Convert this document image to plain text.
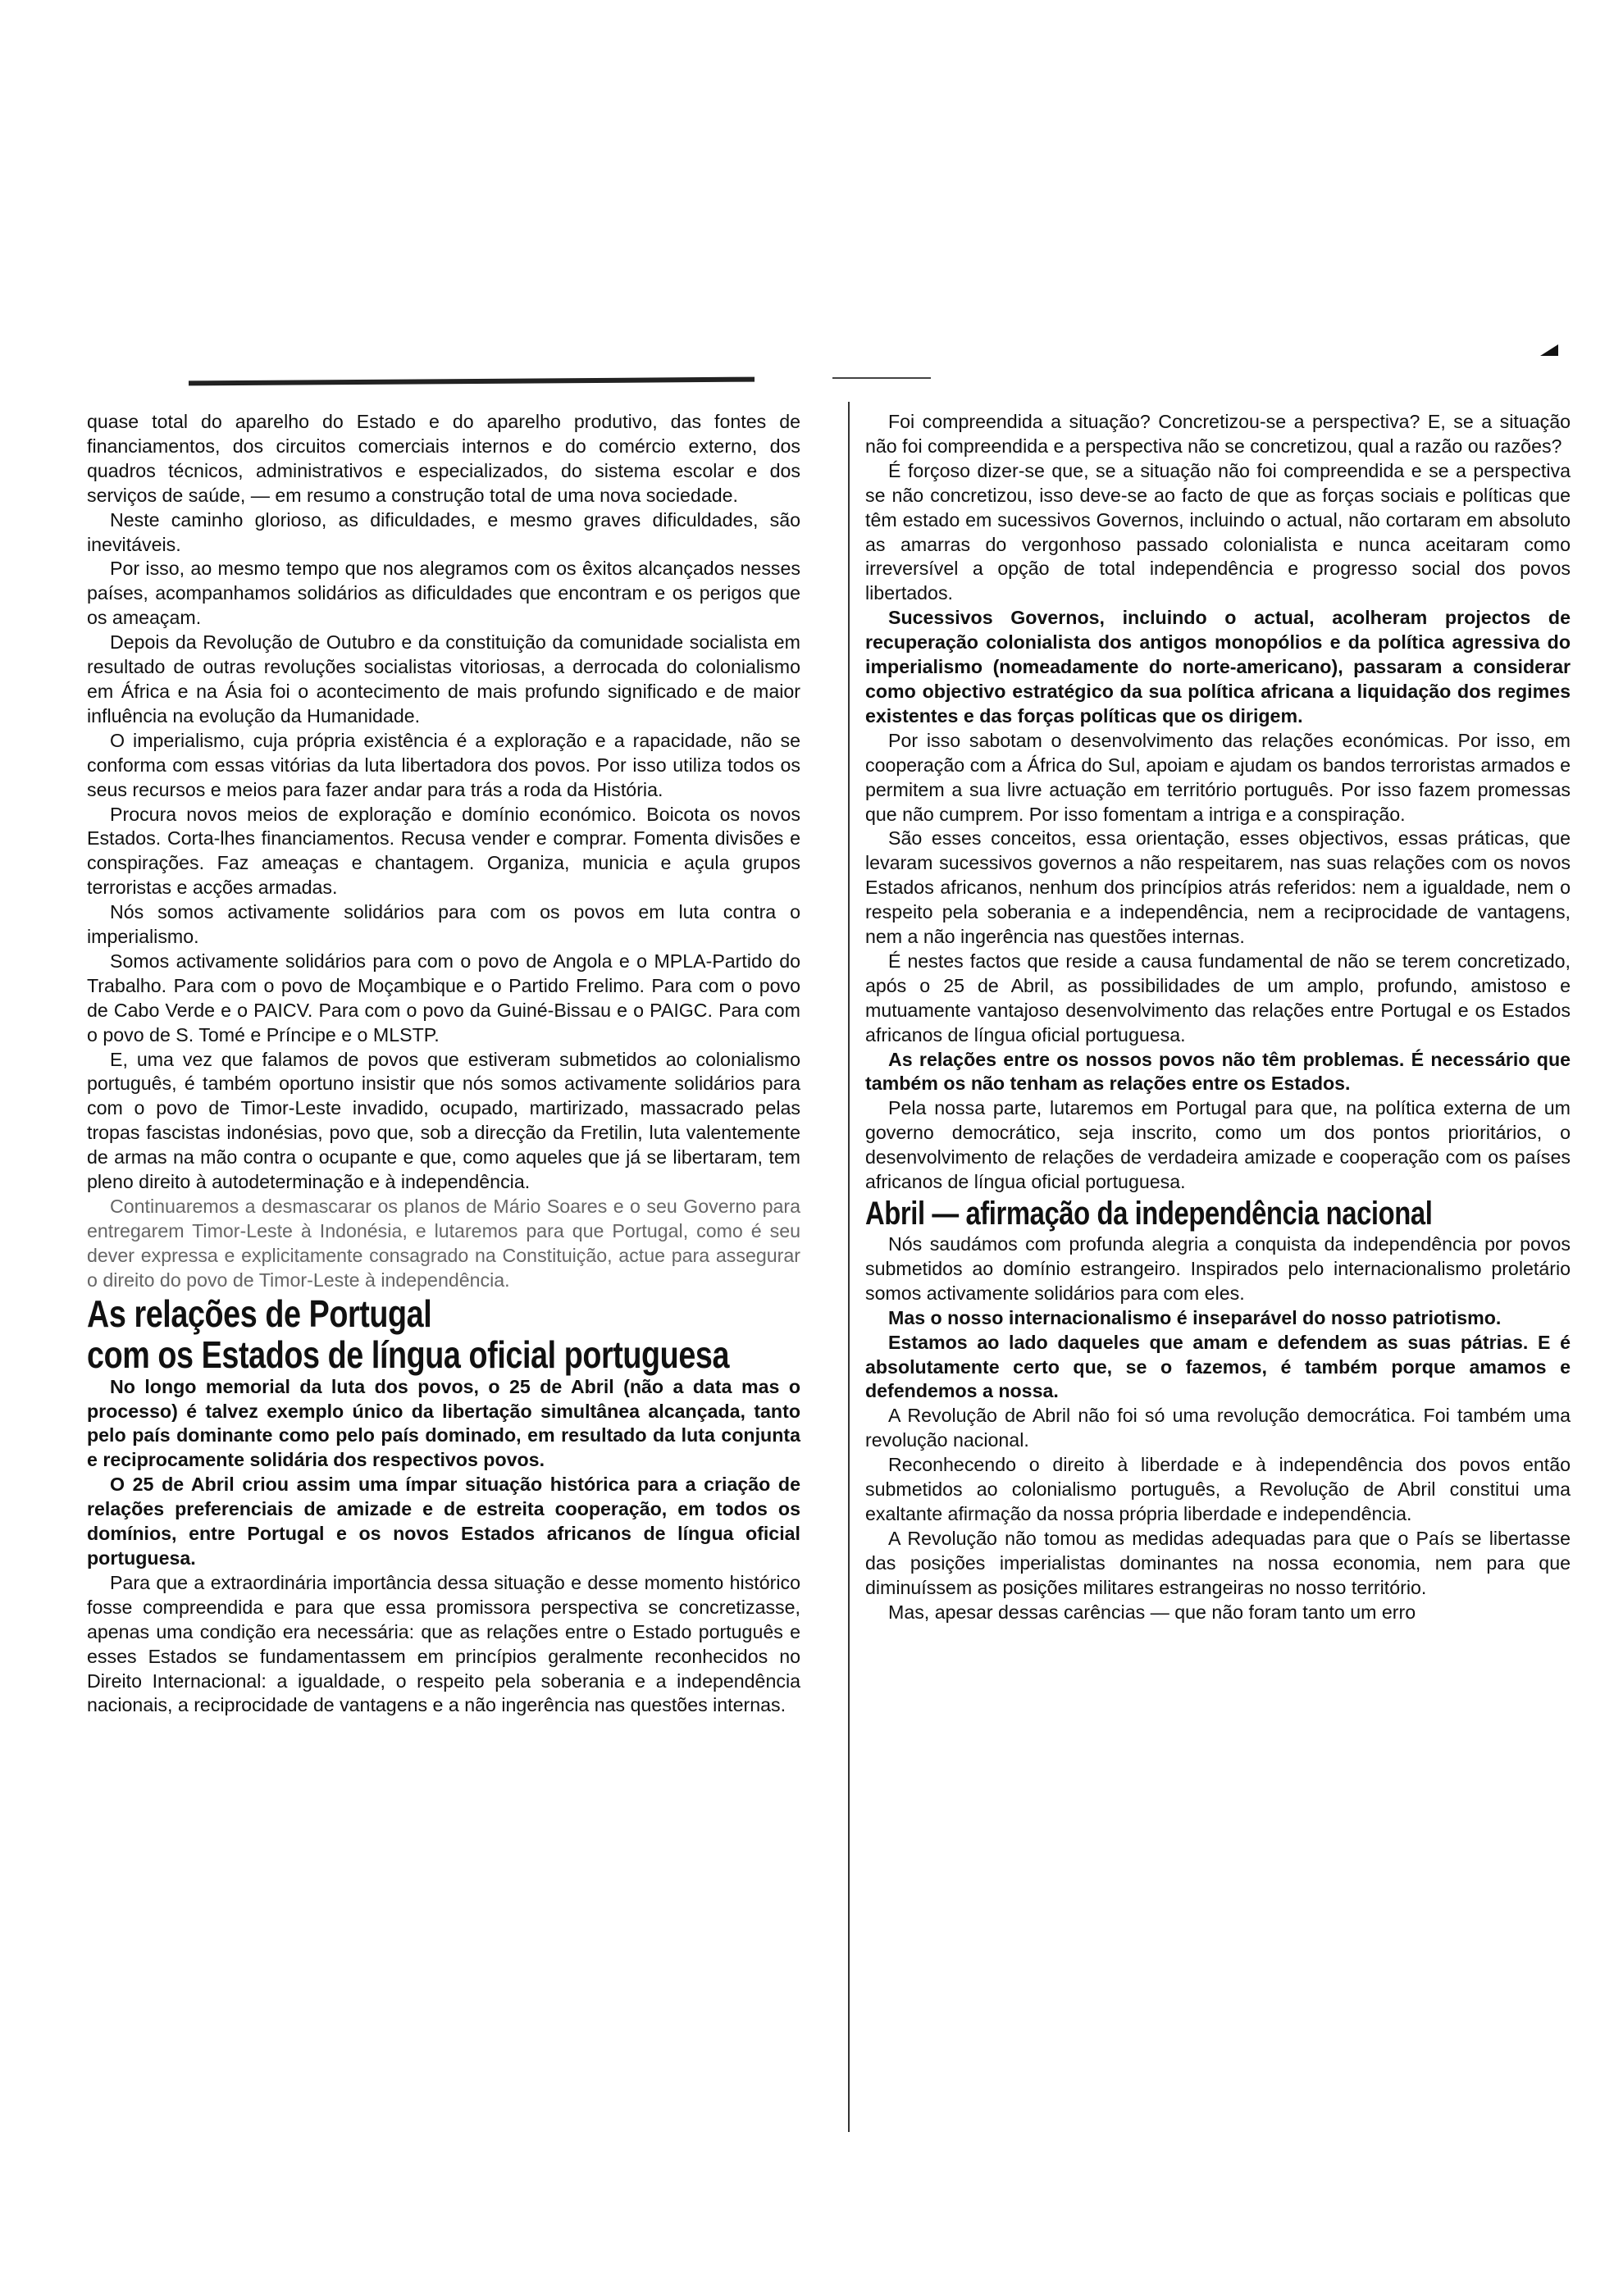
quase total do aparelho do Estado e do aparelho produtivo, das fontes de financiamentos, dos circuitos comerciais internos e do comércio externo, dos quadros técnicos, administrativos e especializados, do sistema escolar e dos serviços de saúde, — em resumo a construção total de uma nova sociedade.

Neste caminho glorioso, as dificuldades, e mesmo graves dificuldades, são inevitáveis.

Por isso, ao mesmo tempo que nos alegramos com os êxitos alcançados nesses países, acompanhamos solidários as dificuldades que encontram e os perigos que os ameaçam.

Depois da Revolução de Outubro e da constituição da comunidade socialista em resultado de outras revoluções socialistas vitoriosas, a derrocada do colonialismo em África e na Ásia foi o acontecimento de mais profundo significado e de maior influência na evolução da Humanidade.

O imperialismo, cuja própria existência é a exploração e a rapacidade, não se conforma com essas vitórias da luta libertadora dos povos. Por isso utiliza todos os seus recursos e meios para fazer andar para trás a roda da História.

Procura novos meios de exploração e domínio económico. Boicota os novos Estados. Corta-lhes financiamentos. Recusa vender e comprar. Fomenta divisões e conspirações. Faz ameaças e chantagem. Organiza, municia e açula grupos terroristas e acções armadas.

Nós somos activamente solidários para com os povos em luta contra o imperialismo.

Somos activamente solidários para com o povo de Angola e o MPLA-Partido do Trabalho. Para com o povo de Moçambique e o Partido Frelimo. Para com o povo de Cabo Verde e o PAICV. Para com o povo da Guiné-Bissau e o PAIGC. Para com o povo de S. Tomé e Príncipe e o MLSTP.

E, uma vez que falamos de povos que estiveram submetidos ao colonialismo português, é também oportuno insistir que nós somos activamente solidários para com o povo de Timor-Leste invadido, ocupado, martirizado, massacrado pelas tropas fascistas indonésias, povo que, sob a direcção da Fretilin, luta valentemente de armas na mão contra o ocupante e que, como aqueles que já se libertaram, tem pleno direito à autodeterminação e à independência.

Continuaremos a desmascarar os planos de Mário Soares e o seu Governo para entregarem Timor-Leste à Indonésia, e lutaremos para que Portugal, como é seu dever expressa e explicitamente consagrado na Constituição, actue para assegurar o direito do povo de Timor-Leste à independência.

As relações de Portugal
com os Estados de língua oficial portuguesa

No longo memorial da luta dos povos, o 25 de Abril (não a data mas o processo) é talvez exemplo único da libertação simultânea alcançada, tanto pelo país dominante como pelo país dominado, em resultado da luta conjunta e reciprocamente solidária dos respectivos povos.

O 25 de Abril criou assim uma ímpar situação histórica para a criação de relações preferenciais de amizade e de estreita cooperação, em todos os domínios, entre Portugal e os novos Estados africanos de língua oficial portuguesa.

Para que a extraordinária importância dessa situação e desse momento histórico fosse compreendida e para que essa promissora perspectiva se concretizasse, apenas uma condição era necessária: que as relações entre o Estado português e esses Estados se fundamentassem em princípios geralmente reconhecidos no Direito Internacional: a igualdade, o respeito pela soberania e a independência nacionais, a reciprocidade de vantagens e a não ingerência nas questões internas.

Foi compreendida a situação? Concretizou-se a perspectiva? E, se a situação não foi compreendida e a perspectiva não se concretizou, qual a razão ou razões?

É forçoso dizer-se que, se a situação não foi compreendida e se a perspectiva se não concretizou, isso deve-se ao facto de que as forças sociais e políticas que têm estado em sucessivos Governos, incluindo o actual, não cortaram em absoluto as amarras do vergonhoso passado colonialista e nunca aceitaram como irreversível a opção de total independência e progresso social dos povos libertados.

Sucessivos Governos, incluindo o actual, acolheram projectos de recuperação colonialista dos antigos monopólios e da política agressiva do imperialismo (nomeadamente do norte-americano), passaram a considerar como objectivo estratégico da sua política africana a liquidação dos regimes existentes e das forças políticas que os dirigem.

Por isso sabotam o desenvolvimento das relações económicas. Por isso, em cooperação com a África do Sul, apoiam e ajudam os bandos terroristas armados e permitem a sua livre actuação em território português. Por isso fazem promessas que não cumprem. Por isso fomentam a intriga e a conspiração.

São esses conceitos, essa orientação, esses objectivos, essas práticas, que levaram sucessivos governos a não respeitarem, nas suas relações com os novos Estados africanos, nenhum dos princípios atrás referidos: nem a igualdade, nem o respeito pela soberania e a independência, nem a reciprocidade de vantagens, nem a não ingerência nas questões internas.

É nestes factos que reside a causa fundamental de não se terem concretizado, após o 25 de Abril, as possibilidades de um amplo, profundo, amistoso e mutuamente vantajoso desenvolvimento das relações entre Portugal e os Estados africanos de língua oficial portuguesa.

As relações entre os nossos povos não têm problemas. É necessário que também os não tenham as relações entre os Estados.

Pela nossa parte, lutaremos em Portugal para que, na política externa de um governo democrático, seja inscrito, como um dos pontos prioritários, o desenvolvimento de relações de verdadeira amizade e cooperação com os países africanos de língua oficial portuguesa.

Abril — afirmação da independência nacional

Nós saudámos com profunda alegria a conquista da independência por povos submetidos ao domínio estrangeiro. Inspirados pelo internacionalismo proletário somos activamente solidários para com eles.

Mas o nosso internacionalismo é inseparável do nosso patriotismo.

Estamos ao lado daqueles que amam e defendem as suas pátrias. E é absolutamente certo que, se o fazemos, é também porque amamos e defendemos a nossa.

A Revolução de Abril não foi só uma revolução democrática. Foi também uma revolução nacional.

Reconhecendo o direito à liberdade e à independência dos povos então submetidos ao colonialismo português, a Revolução de Abril constitui uma exaltante afirmação da nossa própria liberdade e independência.

A Revolução não tomou as medidas adequadas para que o País se libertasse das posições imperialistas dominantes na nossa economia, nem para que diminuíssem as posições militares estrangeiras no nosso território.

Mas, apesar dessas carências — que não foram tanto um erro
